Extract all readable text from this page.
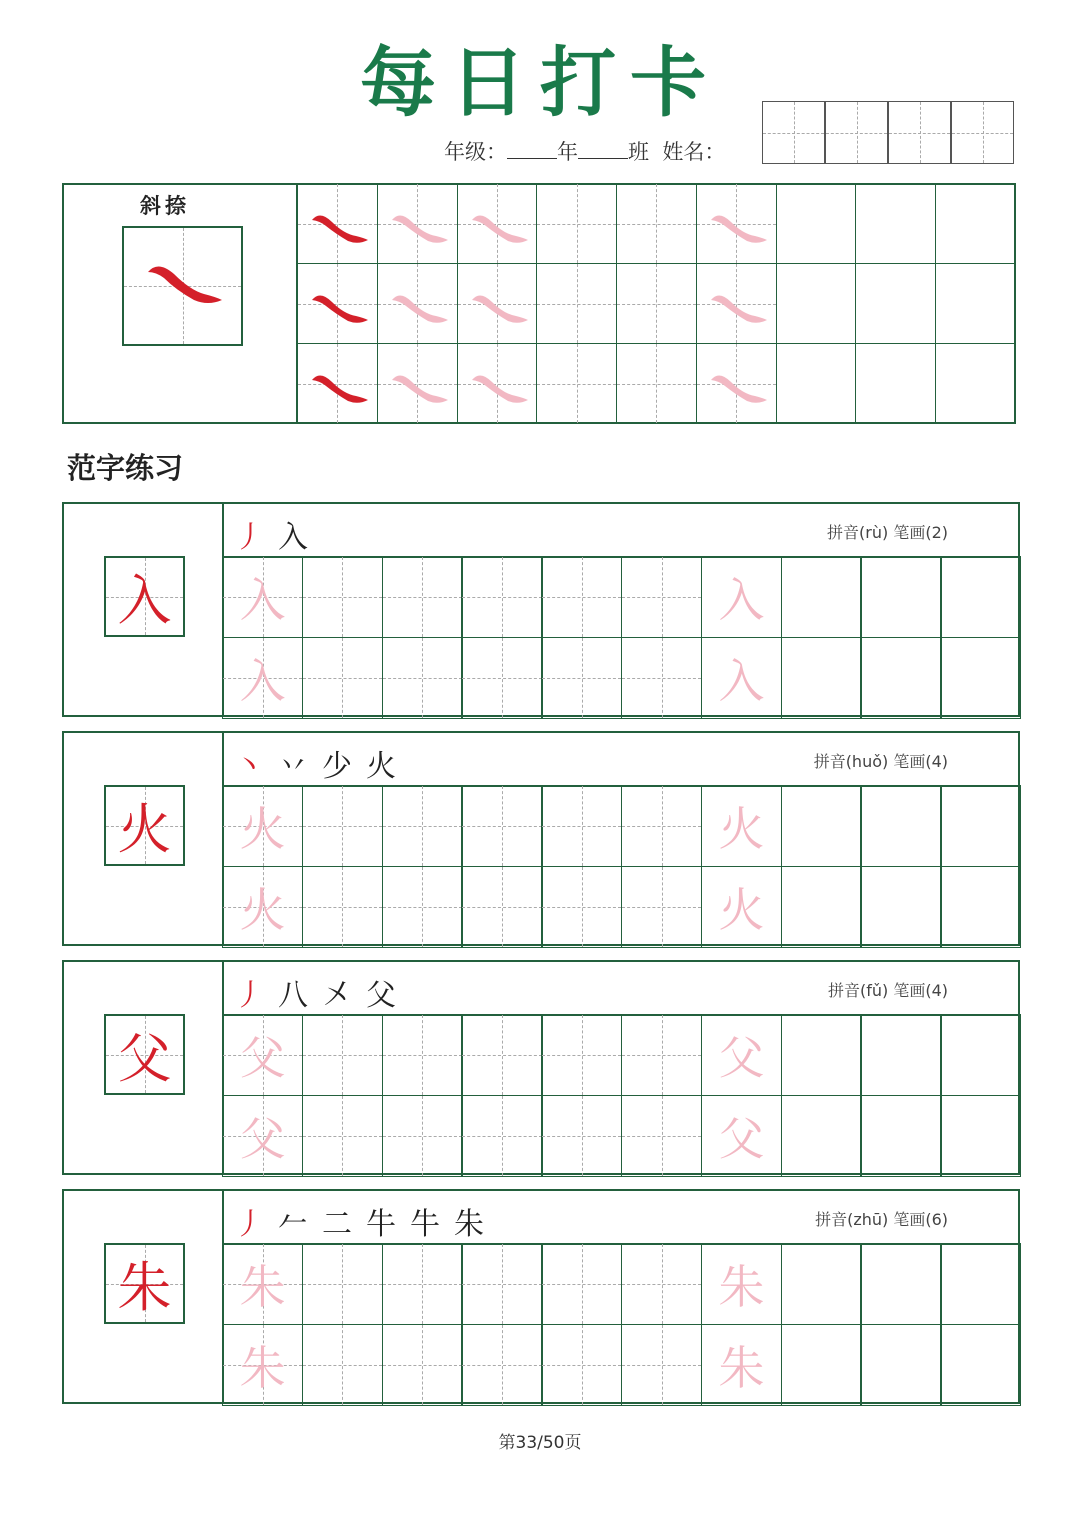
每日打卡
年级： 年 班 姓名：
斜捺
范字练习
入
丿 入	拼音(rù) 笔画(2)
入	入
入	入
火
丶 丷 少 火	拼音(huǒ) 笔画(4)
火	火
火	火
父
丿 八 㐅 父	拼音(fǔ) 笔画(4)
父	父
父	父
朱
丿 𠂉 二 牛 牛 朱	拼音(zhū) 笔画(6)
朱	朱
朱	朱
第33/50页
